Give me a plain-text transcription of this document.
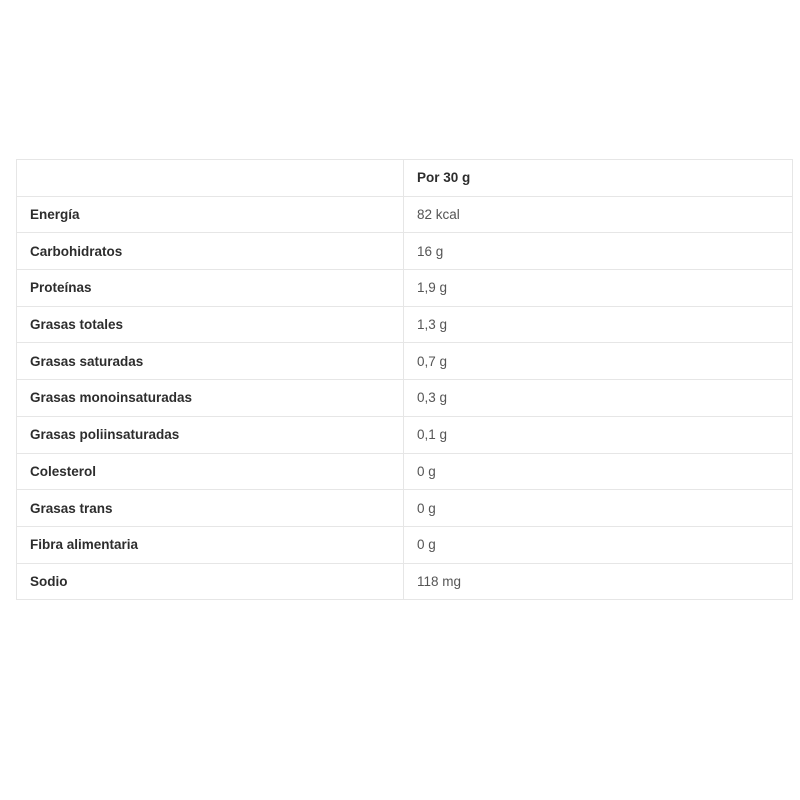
	Por 30 g
Energía	82 kcal
Carbohidratos	16 g
Proteínas	1,9 g
Grasas totales	1,3 g
Grasas saturadas	0,7 g
Grasas monoinsaturadas	0,3 g
Grasas poliinsaturadas	0,1 g
Colesterol	0 g
Grasas trans	0 g
Fibra alimentaria	0 g
Sodio	118 mg
